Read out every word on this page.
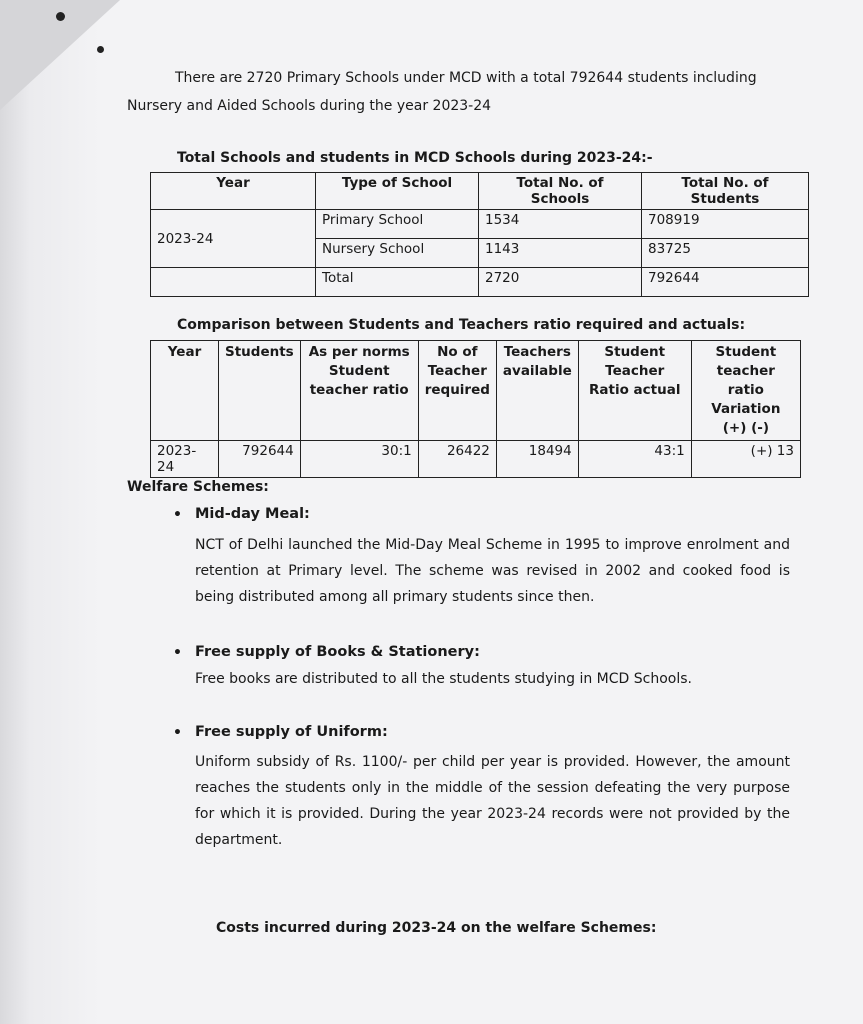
There are 2720 Primary Schools under MCD with a total 792644 students including Nursery and Aided Schools during the year 2023-24

Total Schools and students in MCD Schools during 2023-24:-

Year	Type of School	Total No. of Schools	Total No. of Students
2023-24	Primary School	1534	708919
	Nursery School	1143	83725
	Total	2720	792644

Comparison between Students and Teachers ratio required and actuals:

Year	Students	As per norms Student teacher ratio	No of Teacher required	Teachers available	Student Teacher Ratio actual	Student teacher ratio Variation (+) (-)
2023-24	792644	30:1	26422	18494	43:1	(+) 13

Welfare Schemes:

• Mid-day Meal:

NCT of Delhi launched the Mid-Day Meal Scheme in 1995 to improve enrolment and retention at Primary level. The scheme was revised in 2002 and cooked food is being distributed among all primary students since then.

• Free supply of Books & Stationery:

Free books are distributed to all the students studying in MCD Schools.

• Free supply of Uniform:

Uniform subsidy of Rs. 1100/- per child per year is provided. However, the amount reaches the students only in the middle of the session defeating the very purpose for which it is provided. During the year 2023-24 records were not provided by the department.

Costs incurred during 2023-24 on the welfare Schemes:
